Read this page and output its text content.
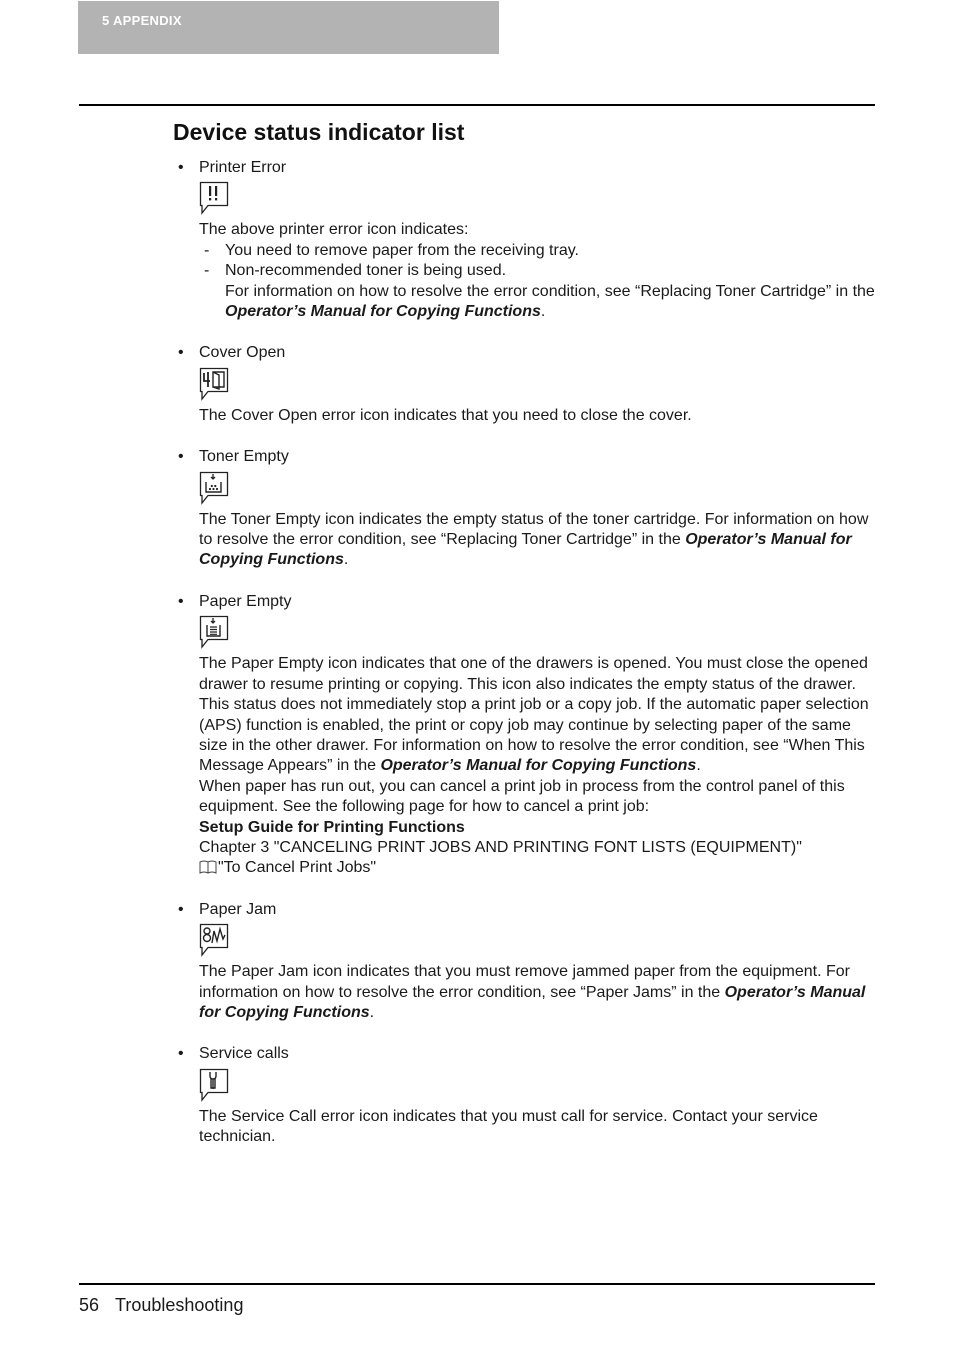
5 APPENDIX
Device status indicator list
• Printer Error

The above printer error icon indicates:

- You need to remove paper from the receiving tray.
- Non-recommended toner is being used.
For information on how to resolve the error condition, see “Replacing Toner Cartridge” in the Operator’s Manual for Copying Functions.
• Cover Open

The Cover Open error icon indicates that you need to close the cover.

• Toner Empty

The Toner Empty icon indicates the empty status of the toner cartridge. For information on how to resolve the error condition, see “Replacing Toner Cartridge” in the Operator’s Manual for Copying Functions.

• Paper Empty

The Paper Empty icon indicates that one of the drawers is opened. You must close the opened drawer to resume printing or copying. This icon also indicates the empty status of the drawer. This status does not immediately stop a print job or a copy job. If the automatic paper selection (APS) function is enabled, the print or copy job may continue by selecting paper of the same size in the other drawer. For information on how to resolve the error condition, see “When This Message Appears” in the Operator’s Manual for Copying Functions.

When paper has run out, you can cancel a print job in process from the control panel of this equipment. See the following page for how to cancel a print job:

Setup Guide for Printing Functions

Chapter 3 "CANCELING PRINT JOBS AND PRINTING FONT LISTS (EQUIPMENT)"

"To Cancel Print Jobs"

• Paper Jam

The Paper Jam icon indicates that you must remove jammed paper from the equipment. For information on how to resolve the error condition, see “Paper Jams” in the Operator’s Manual for Copying Functions.

• Service calls

The Service Call error icon indicates that you must call for service. Contact your service technician.

56 Troubleshooting
